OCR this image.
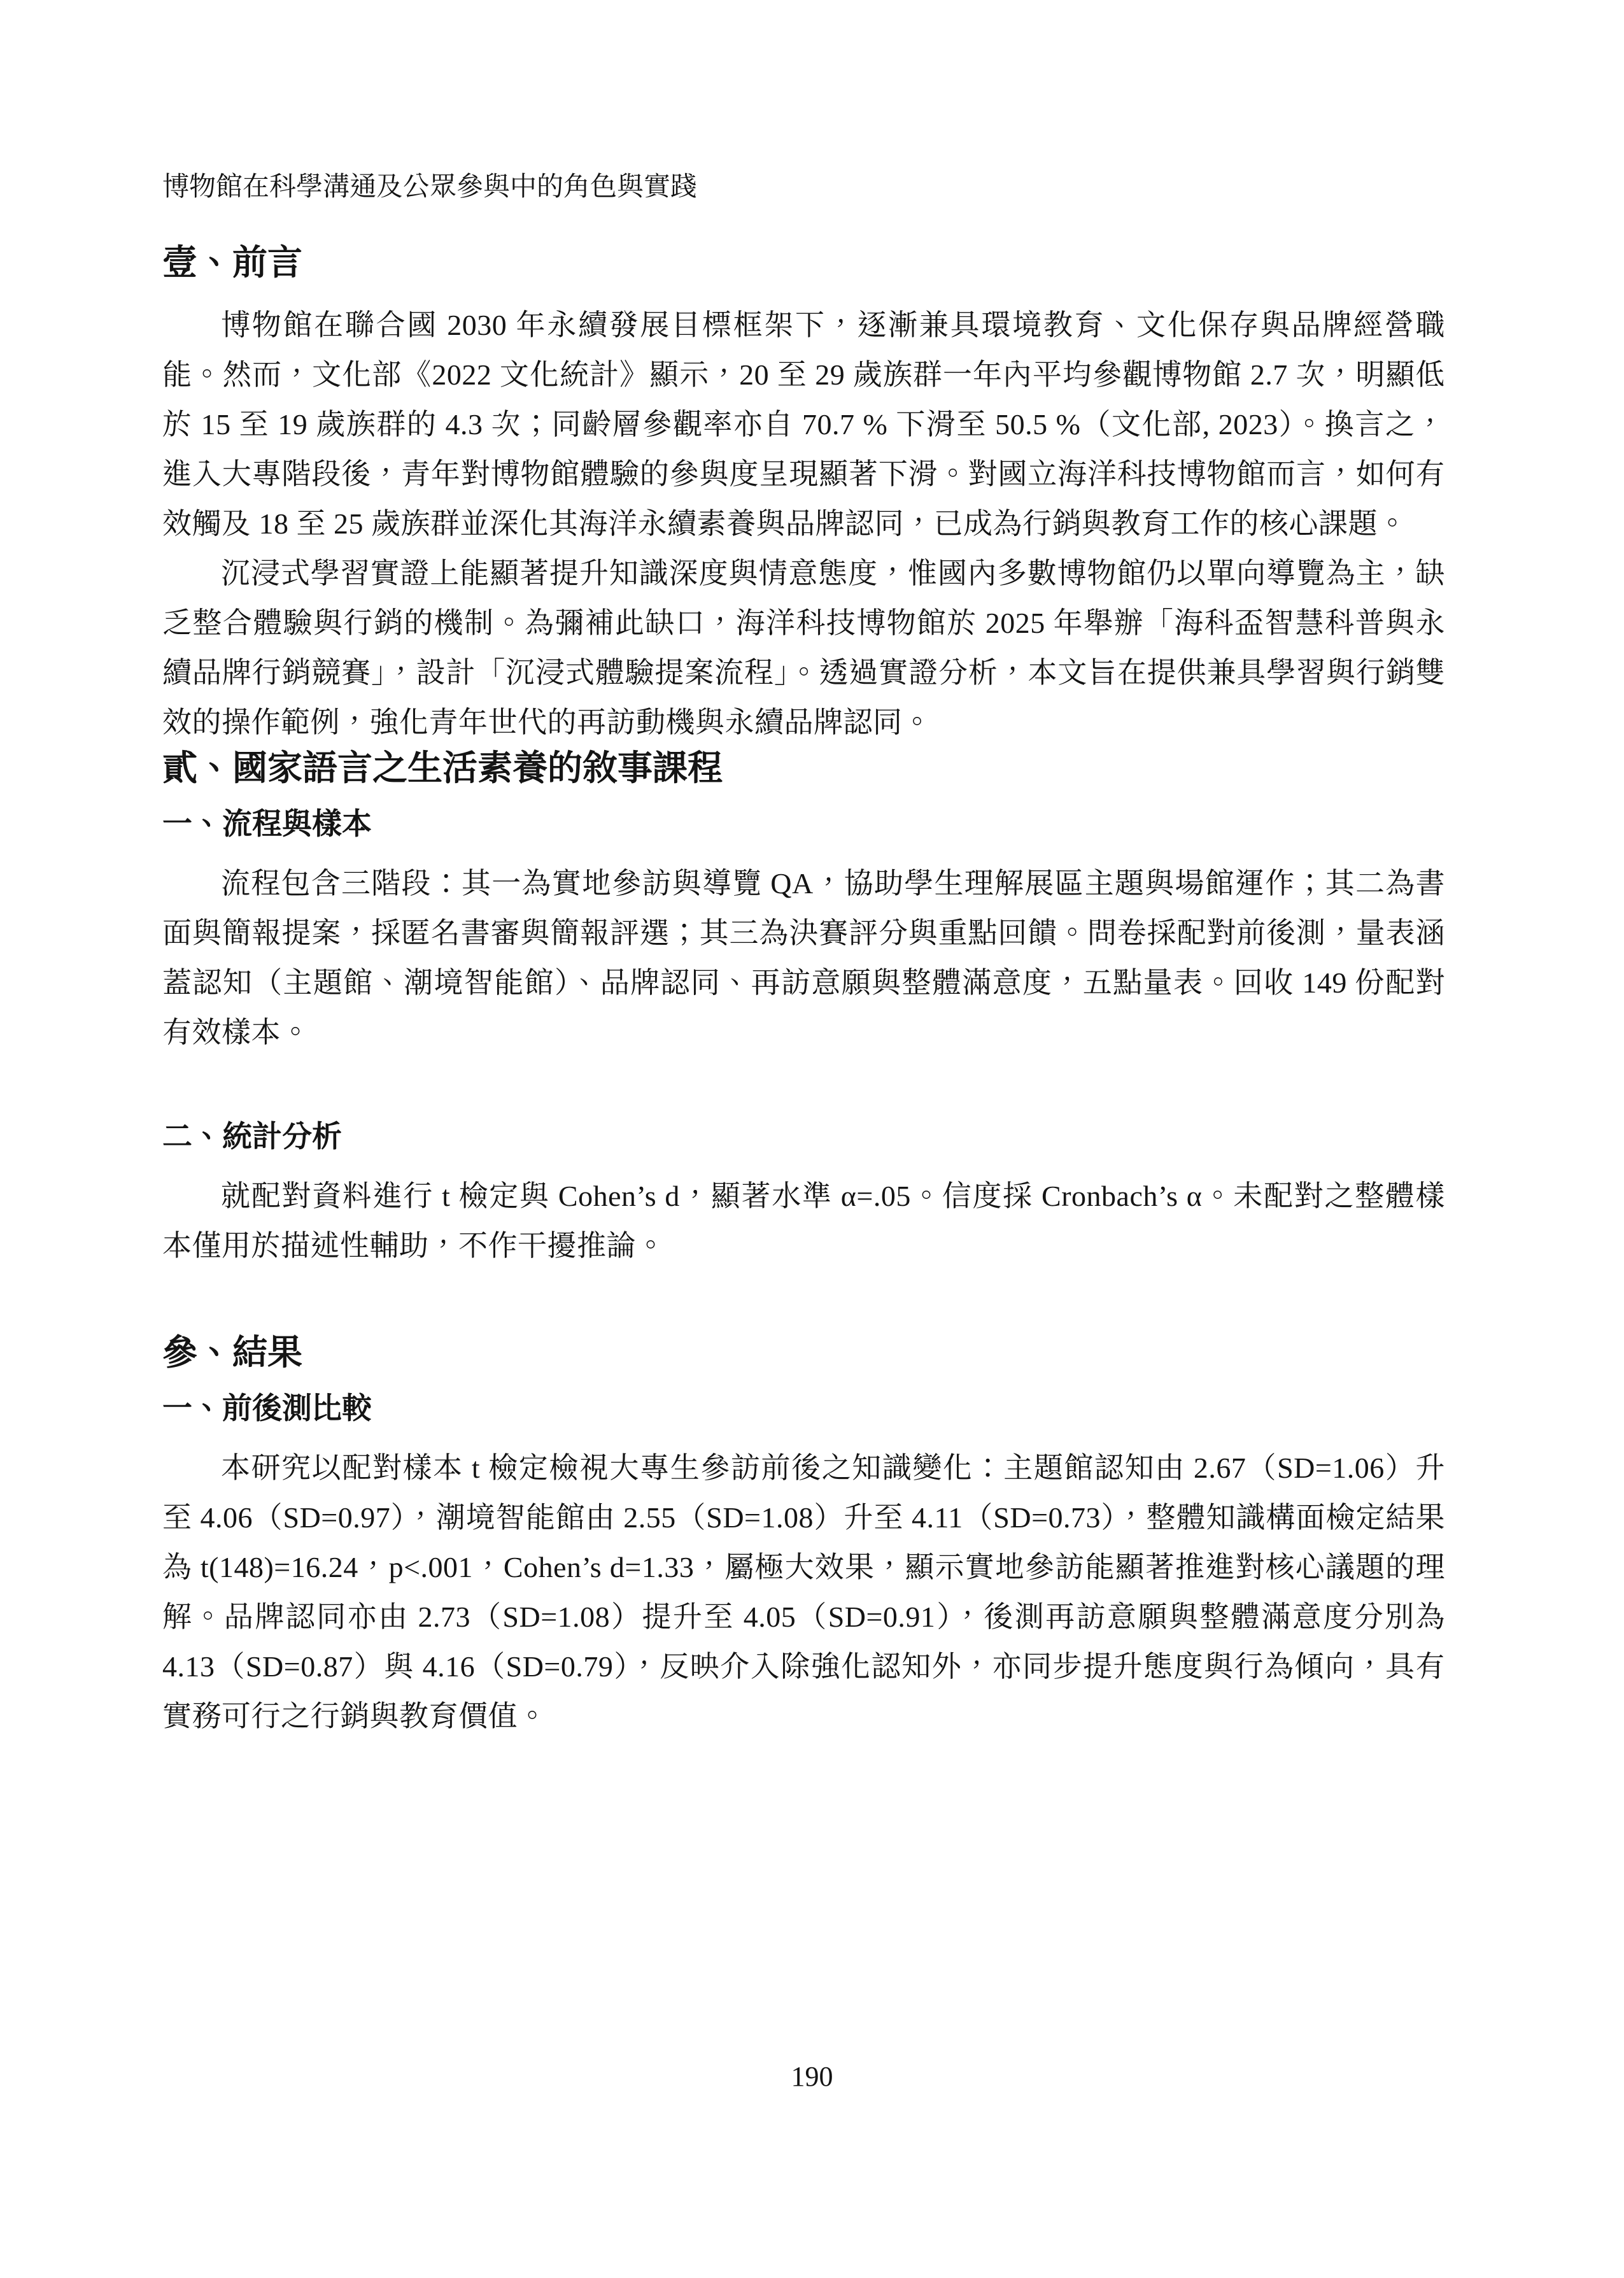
博物館在科學溝通及公眾參與中的角色與實踐
壹、前言

博物館在聯合國 2030 年永續發展目標框架下，逐漸兼具環境教育、文化保存與品牌經營職能。然而，文化部《2022 文化統計》顯示，20 至 29 歲族群一年內平均參觀博物館 2.7 次，明顯低於 15 至 19 歲族群的 4.3 次；同齡層參觀率亦自 70.7 % 下滑至 50.5 %（文化部, 2023）。換言之，進入大專階段後，青年對博物館體驗的參與度呈現顯著下滑。對國立海洋科技博物館而言，如何有效觸及 18 至 25 歲族群並深化其海洋永續素養與品牌認同，已成為行銷與教育工作的核心課題。

沉浸式學習實證上能顯著提升知識深度與情意態度，惟國內多數博物館仍以單向導覽為主，缺乏整合體驗與行銷的機制。為彌補此缺口，海洋科技博物館於 2025 年舉辦「海科盃智慧科普與永續品牌行銷競賽」，設計「沉浸式體驗提案流程」。透過實證分析，本文旨在提供兼具學習與行銷雙效的操作範例，強化青年世代的再訪動機與永續品牌認同。

貳、國家語言之生活素養的敘事課程
一、流程與樣本

流程包含三階段：其一為實地參訪與導覽 QA，協助學生理解展區主題與場館運作；其二為書面與簡報提案，採匿名書審與簡報評選；其三為決賽評分與重點回饋。問卷採配對前後測，量表涵蓋認知（主題館、潮境智能館）、品牌認同、再訪意願與整體滿意度，五點量表。回收 149 份配對有效樣本。

二、統計分析

就配對資料進行 t 檢定與 Cohen’s d，顯著水準 α=.05。信度採 Cronbach’s α。未配對之整體樣本僅用於描述性輔助，不作干擾推論。

參、結果
一、前後測比較

本研究以配對樣本 t 檢定檢視大專生參訪前後之知識變化：主題館認知由 2.67（SD=1.06）升至 4.06（SD=0.97），潮境智能館由 2.55（SD=1.08）升至 4.11（SD=0.73），整體知識構面檢定結果為 t(148)=16.24，p<.001，Cohen’s d=1.33，屬極大效果，顯示實地參訪能顯著推進對核心議題的理解。品牌認同亦由 2.73（SD=1.08）提升至 4.05（SD=0.91），後測再訪意願與整體滿意度分別為 4.13（SD=0.87）與 4.16（SD=0.79），反映介入除強化認知外，亦同步提升態度與行為傾向，具有實務可行之行銷與教育價值。

190
